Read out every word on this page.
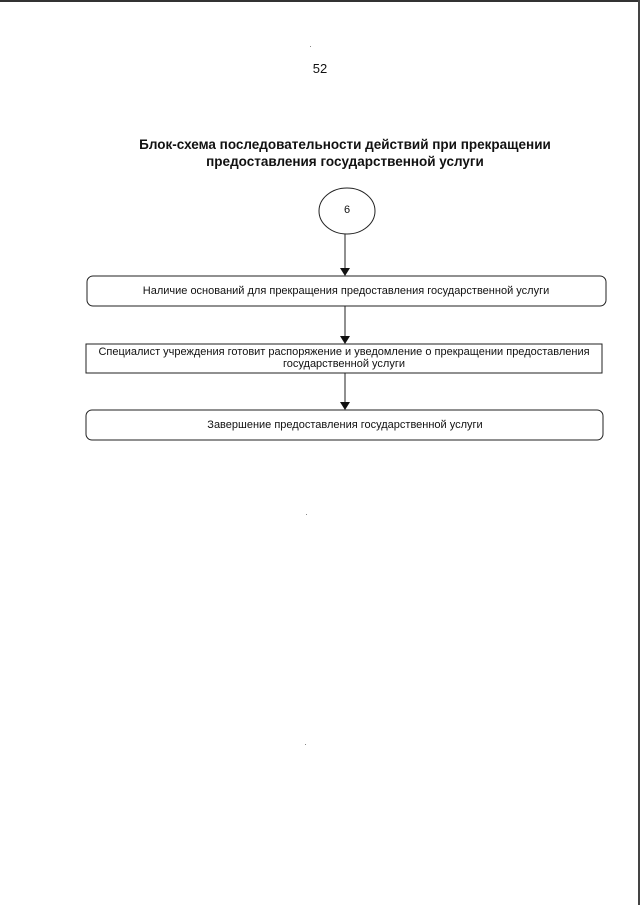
52
Блок-схема последовательности действий при прекращении
предоставления государственной услуги
6
Наличие оснований для прекращения предоставления государственной услуги
Специалист учреждения готовит распоряжение и уведомление о прекращении предоставления
государственной услуги
Завершение предоставления государственной услуги
